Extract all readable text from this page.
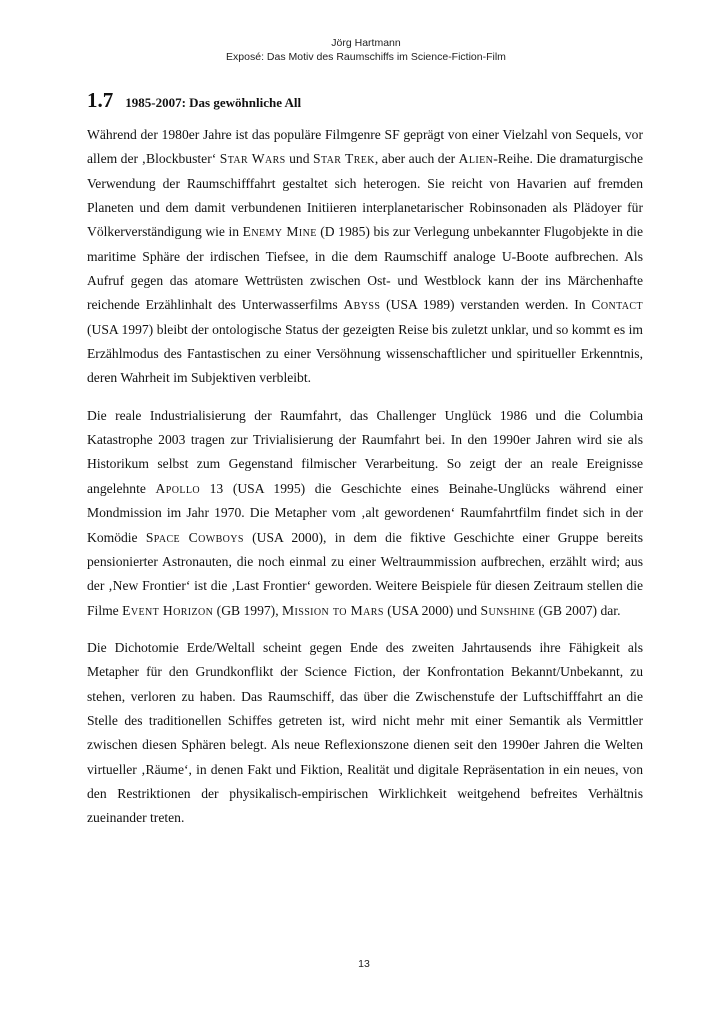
Jörg Hartmann
Exposé: Das Motiv des Raumschiffs im Science-Fiction-Film
1.7 1985-2007: Das gewöhnliche All

Während der 1980er Jahre ist das populäre Filmgenre SF geprägt von einer Vielzahl von Sequels, vor allem der ‚Blockbuster‘ Star Wars und Star Trek, aber auch der Alien-Reihe. Die dramaturgische Verwendung der Raumschifffahrt gestaltet sich heterogen. Sie reicht von Havarien auf fremden Planeten und dem damit verbundenen Initiieren interplanetarischer Robinsonaden als Plädoyer für Völkerverständigung wie in Enemy Mine (D 1985) bis zur Verlegung unbekannter Flugobjekte in die maritime Sphäre der irdischen Tiefsee, in die dem Raumschiff analoge U-Boote aufbrechen. Als Aufruf gegen das atomare Wettrüsten zwischen Ost- und Westblock kann der ins Märchenhafte reichende Erzählinhalt des Unterwasserfilms Abyss (USA 1989) verstanden werden. In Contact (USA 1997) bleibt der ontologische Status der gezeigten Reise bis zuletzt unklar, und so kommt es im Erzählmodus des Fantastischen zu einer Versöhnung wissenschaftlicher und spiritueller Erkenntnis, deren Wahrheit im Subjektiven verbleibt.

Die reale Industrialisierung der Raumfahrt, das Challenger Unglück 1986 und die Columbia Katastrophe 2003 tragen zur Trivialisierung der Raumfahrt bei. In den 1990er Jahren wird sie als Historikum selbst zum Gegenstand filmischer Verarbeitung. So zeigt der an reale Ereignisse angelehnte Apollo 13 (USA 1995) die Geschichte eines Beinahe-Unglücks während einer Mondmission im Jahr 1970. Die Metapher vom ‚alt gewordenen‘ Raumfahrtfilm findet sich in der Komödie Space Cowboys (USA 2000), in dem die fiktive Geschichte einer Gruppe bereits pensionierter Astronauten, die noch einmal zu einer Weltraummission aufbrechen, erzählt wird; aus der ‚New Frontier‘ ist die ‚Last Frontier‘ geworden. Weitere Beispiele für diesen Zeitraum stellen die Filme Event Horizon (GB 1997), Mission to Mars (USA 2000) und Sunshine (GB 2007) dar.

Die Dichotomie Erde/Weltall scheint gegen Ende des zweiten Jahrtausends ihre Fähigkeit als Metapher für den Grundkonflikt der Science Fiction, der Konfrontation Bekannt/Unbekannt, zu stehen, verloren zu haben. Das Raumschiff, das über die Zwischenstufe der Luftschifffahrt an die Stelle des traditionellen Schiffes getreten ist, wird nicht mehr mit einer Semantik als Vermittler zwischen diesen Sphären belegt. Als neue Reflexionszone dienen seit den 1990er Jahren die Welten virtueller ‚Räume‘, in denen Fakt und Fiktion, Realität und digitale Repräsentation in ein neues, von den Restriktionen der physikalisch-empirischen Wirklichkeit weitgehend befreites Verhältnis zueinander treten.

13
